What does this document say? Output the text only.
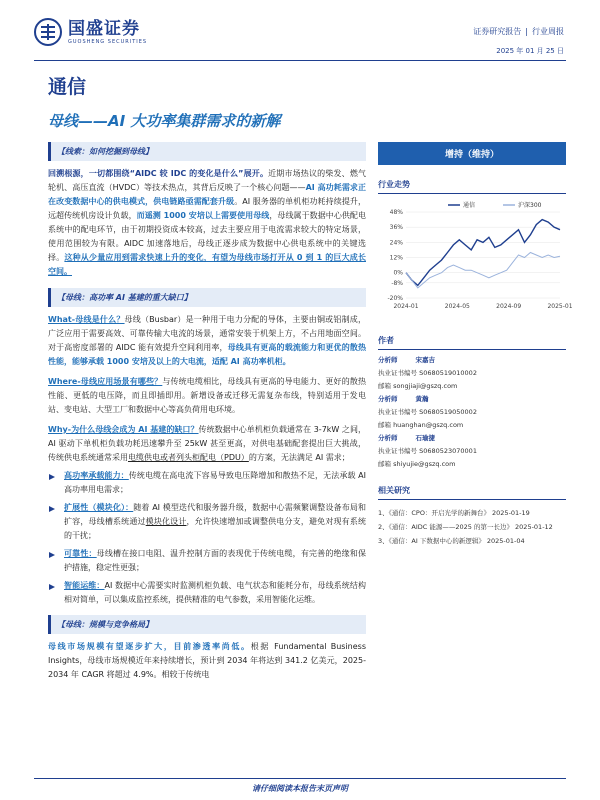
国盛证券
GUOSHENG SECURITIES
证券研究报告 | 行业周报
2025 年 01 月 25 日
通信
母线——AI 大功率集群需求的新解
【线索：如何挖掘到母线】
回溯根源，一切都围绕“AIDC 较 IDC 的变化是什么”展开。近期市场热议的柴发、燃气轮机、高压直流（HVDC）等技术热点，其背后反映了一个核心问题——AI 高功耗需求正在改变数据中心的供电模式，供电链路亟需配套升级。AI 服务器的单机柜功耗持续提升，远超传统机房设计负载，而遥测 1000 安培以上需要使用母线，母线属于数据中心供配电系统中的配电环节，由于初期投资成本较高，过去主要应用于电流需求较大的特定场景，使用范围较为有限。AIDC 加速落地后，母线正逐步成为数据中心供电系统中的关键选择。这种从少量应用到需求快速上升的变化，有望为母线市场打开从 0 到 1 的巨大成长空间。
【母线：高功率 AI 基建的重大缺口】
What-母线是什么？母线（Busbar）是一种用于电力分配的导体，主要由铜或铝制成，广泛应用于需要高效、可靠传输大电流的场景，通常安装于机架上方，不占用地面空间。对于高密度部署的 AIDC 能有效提升空间利用率，母线具有更高的载流能力和更优的散热性能，能够承载 1000 安培及以上的大电流，适配 AI 高功率机柜。
Where-母线应用场景有哪些？与传统电缆相比，母线具有更高的导电能力、更好的散热性能、更低的电压降，而且即插即用。新增设备或迁移无需复杂布线，特别适用于发电站、变电站、大型工厂和数据中心等高负荷用电环境。
Why-为什么母线会成为 AI 基建的缺口？传统数据中心单机柜负载通常在 3-7kW 之间，AI 驱动下单机柜负载功耗迅速攀升至 25kW 甚至更高，对供电基础配套提出巨大挑战，传统供电系统通常采用电缆供电或者列头柜配电（PDU）的方案，无法满足 AI 需求；
高功率承载能力：传统电缆在高电流下容易导致电压降增加和散热不足，无法承载 AI 高功率用电需求；
扩展性（模块化）：随着 AI 模型迭代和服务器升级，数据中心需频繁调整设备布局和扩容，母线槽系统通过模块化设计，允许快速增加或调整供电分支，避免对现有系统的干扰；
可靠性：母线槽在接口电阻、温升控制方面的表现优于传统电缆，有完善的绝缘和保护措施，稳定性更强；
智能运维：AI 数据中心需要实时监测机柜负载、电气状态和能耗分布，母线系统结构相对简单，可以集成监控系统，提供精准的电气参数，采用智能化运维。
【母线：规模与竞争格局】
母线市场规模有望逐步扩大，目前渗透率尚低。根据 Fundamental Business Insights，母线市场规模近年来持续增长，预计到 2034 年将达到 341.2 亿美元，2025-2034 年 CAGR 将超过 4.9%。相较于传统电
增持（维持）
行业走势
48%
36%
24%
12%
0%
-8%
-20%
2024-01	2024-05	2024-09	2025-01
通信	沪深300
作者
分析师	宋嘉吉
执业证书编号 S0680519010002
邮箱 songjiaji@gszq.com
分析师	黄瀚
执业证书编号 S0680519050002
邮箱 huanghan@gszq.com
分析师	石瑜捷
执业证书编号 S0680523070001
邮箱 shiyujie@gszq.com
相关研究
1、《通信：CPO：开启光学的新舞台》 2025-01-19
2、《通信：AIDC 能源——2025 的第一长边》 2025-01-12
3、《通信：AI 下数据中心的新逻辑》 2025-01-04
请仔细阅读本报告末页声明
